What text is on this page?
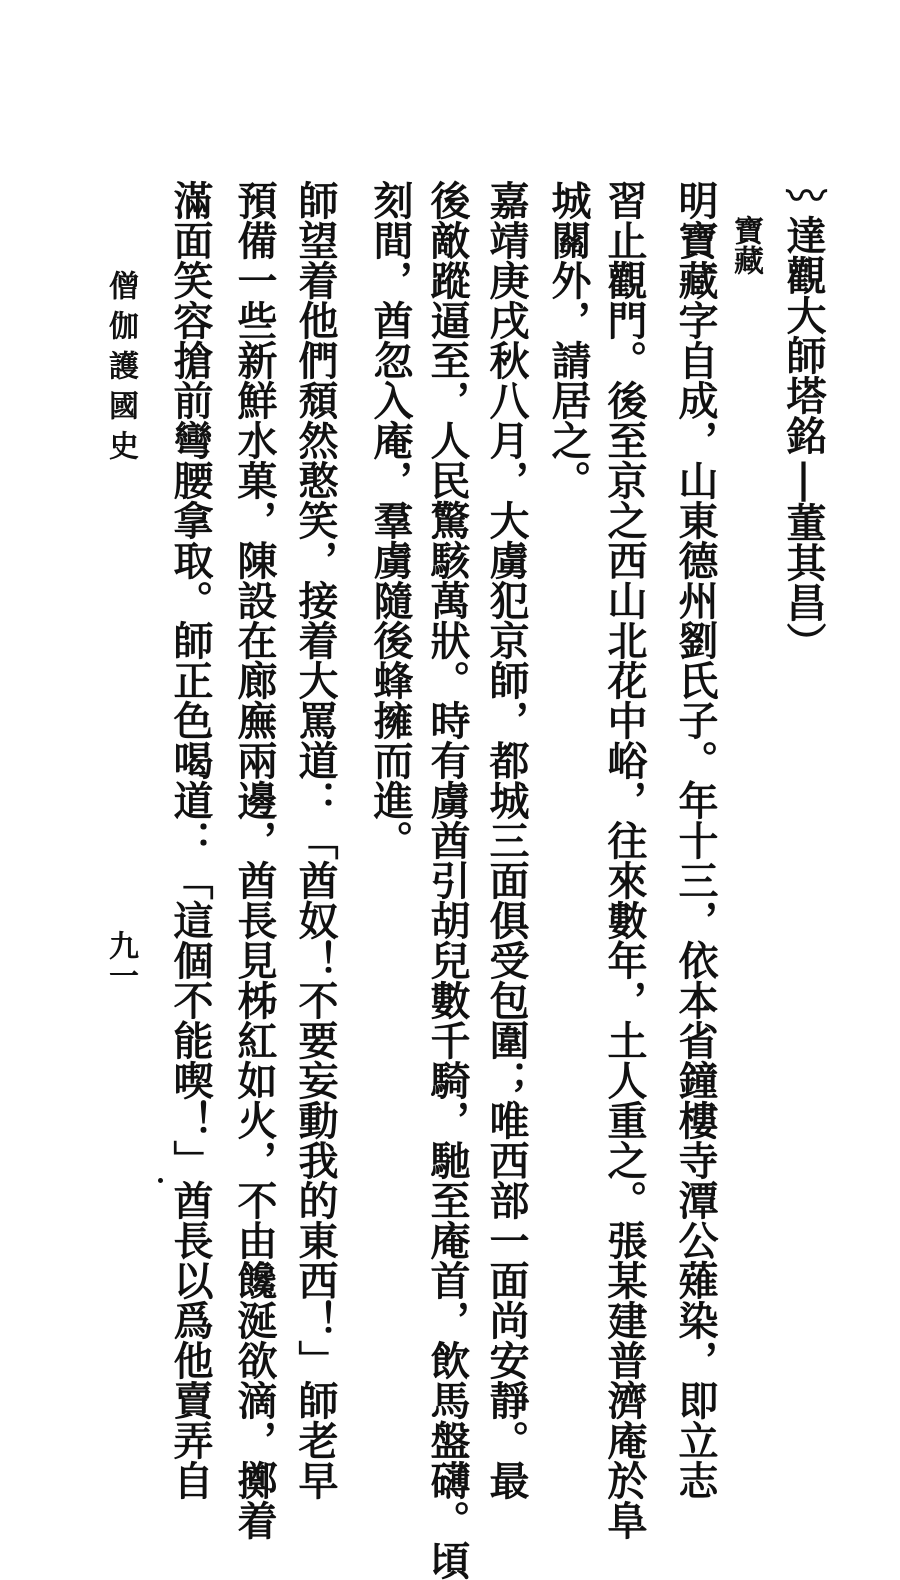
〰達觀大師塔銘|董其昌︶
寶藏
明寶藏字自成，山東德州劉氏子。年十三，依本省鐘樓寺潭公薙染，即立志
習止觀門。後至京之西山北花中峪，往來數年，土人重之。張某建普濟庵於阜
城關外，請居之。
嘉靖庚戌秋八月，大虜犯京師，都城三面俱受包圍；唯西部一面尚安靜。最
後敵蹤逼至，人民驚駭萬狀。時有虜酋引胡兒數千騎，馳至庵首，飲馬盤礴。頃
刻間，酋忽入庵，羣虜隨後蜂擁而進。
師望着他們頹然憨笑，接着大罵道：「酋奴！不要妄動我的東西！」師老早
預備一些新鮮水菓，陳設在廊廡兩邊，酋長見柹紅如火，不由饞涎欲滴，擲着
滿面笑容搶前彎腰拿取。師正色喝道：「這個不能喫！」酋長以爲他賣弄自
僧伽護國史
九一
